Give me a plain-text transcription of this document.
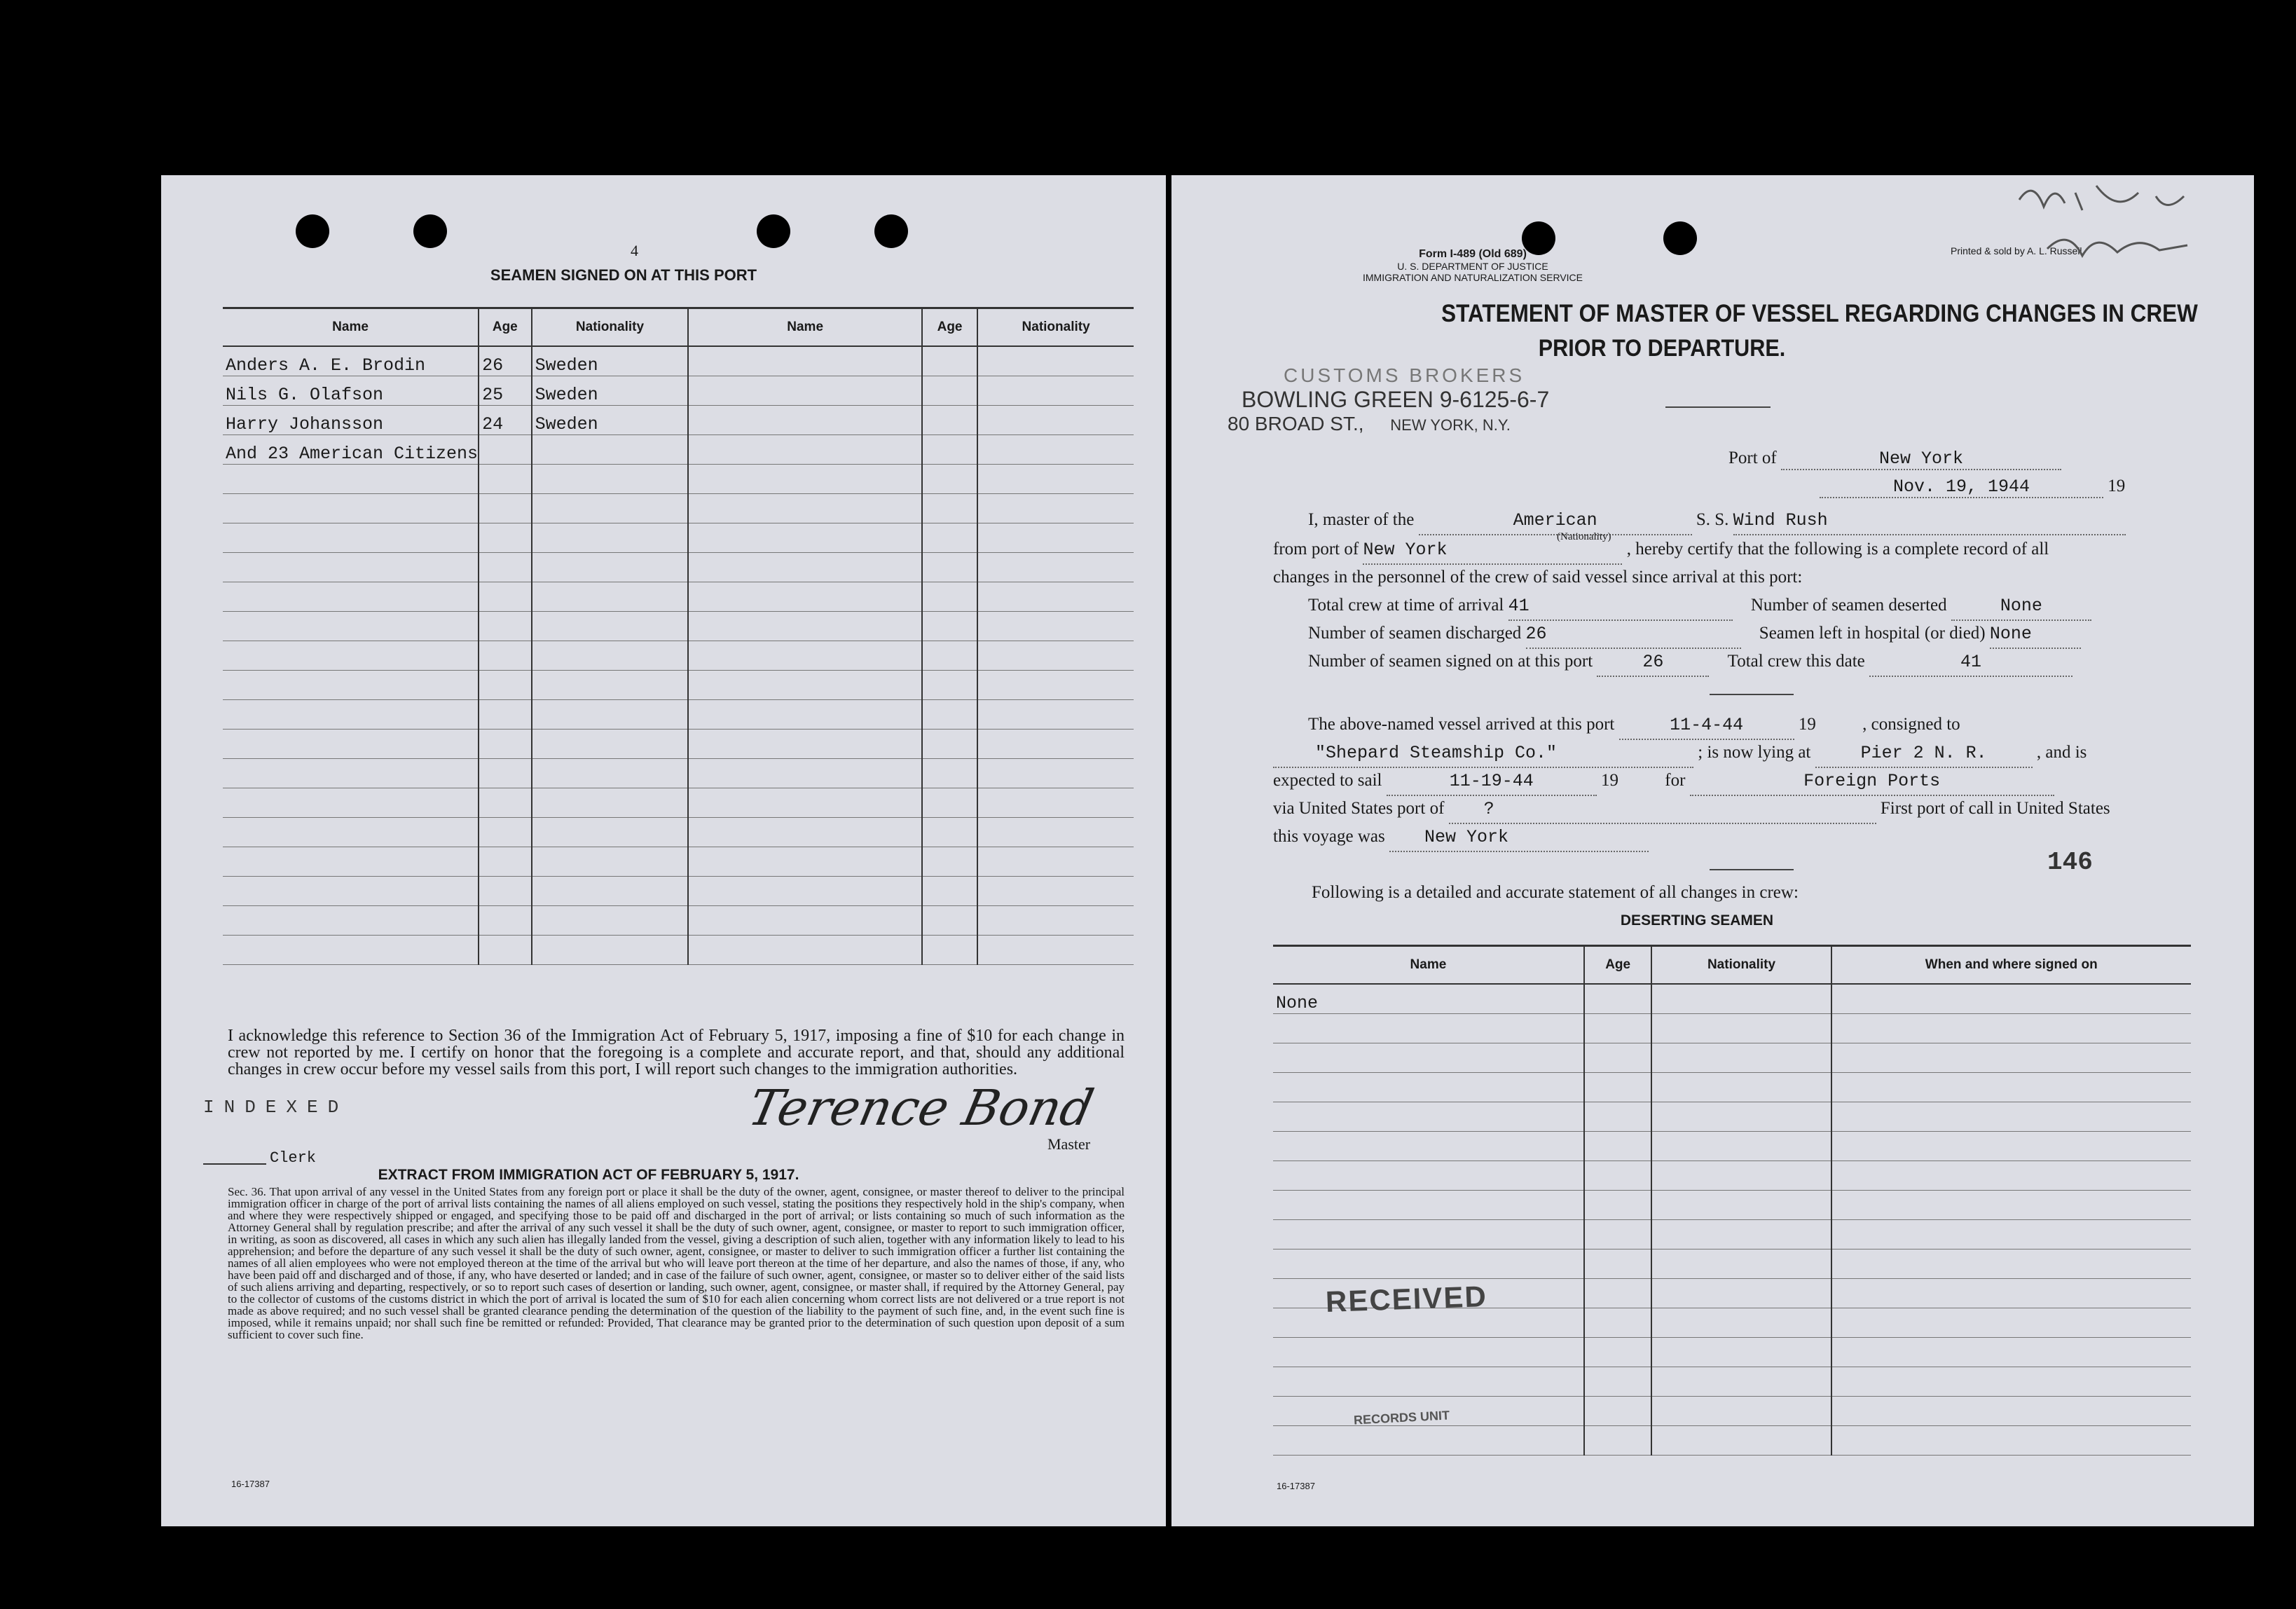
4
SEAMEN SIGNED ON AT THIS PORT
Name	Age	Nationality	Name	Age	Nationality
Anders A. E. Brodin	26	Sweden			
Nils G. Olafson	25	Sweden			
Harry Johansson	24	Sweden			
And 23 American Citizens					

I acknowledge this reference to Section 36 of the Immigration Act of February 5, 1917, imposing a fine of $10 for each change in crew not reported by me. I certify on honor that the foregoing is a complete and accurate report, and that, should any additional changes in crew occur before my vessel sails from this port, I will report such changes to the immigration authorities.
INDEXED	Terence Bond
Master
Clerk
EXTRACT FROM IMMIGRATION ACT OF FEBRUARY 5, 1917.
Sec. 36. That upon arrival of any vessel in the United States from any foreign port or place it shall be the duty of the owner, agent, consignee, or master thereof to deliver to the principal immigration officer in charge of the port of arrival lists containing the names of all aliens employed on such vessel, stating the positions they respectively hold in the ship's company, when and where they were respectively shipped or engaged, and specifying those to be paid off and discharged in the port of arrival; or lists containing so much of such information as the Attorney General shall by regulation prescribe; and after the arrival of any such vessel it shall be the duty of such owner, agent, consignee, or master to report to such immigration officer, in writing, as soon as discovered, all cases in which any such alien has illegally landed from the vessel, giving a description of such alien, together with any information likely to lead to his apprehension; and before the departure of any such vessel it shall be the duty of such owner, agent, consignee, or master to deliver to such immigration officer a further list containing the names of all alien employees who were not employed thereon at the time of the arrival but who will leave port thereon at the time of her departure, and also the names of those, if any, who have been paid off and discharged and of those, if any, who have deserted or landed; and in case of the failure of such owner, agent, consignee, or master so to deliver either of the said lists of such aliens arriving and departing, respectively, or so to report such cases of desertion or landing, such owner, agent, consignee, or master shall, if required by the Attorney General, pay to the collector of customs of the customs district in which the port of arrival is located the sum of $10 for each alien concerning whom correct lists are not delivered or a true report is not made as above required; and no such vessel shall be granted clearance pending the determination of the question of the liability to the payment of such fine, and, in the event such fine is imposed, while it remains unpaid; nor shall such fine be remitted or refunded: Provided, That clearance may be granted prior to the determination of such question upon deposit of a sum sufficient to cover such fine.
16-17387
Form I-489 (Old 689)
U. S. DEPARTMENT OF JUSTICE
IMMIGRATION AND NATURALIZATION SERVICE
Printed & sold by A. L. Russell
STATEMENT OF MASTER OF VESSEL REGARDING CHANGES IN CREW
PRIOR TO DEPARTURE.
CUSTOMS BROKERS
BOWLING GREEN 9-6125-6-7
80 BROAD ST., NEW YORK, N.Y.
Port of	New York
Nov. 19, 1944	19
I, master of the	American	S. S. Wind Rush
(Nationality)
from port of New York	, hereby certify that the following is a complete record of all
changes in the personnel of the crew of said vessel since arrival at this port:
Total crew at time of arrival 41	Number of seamen deserted	None
Number of seamen discharged 26	Seamen left in hospital (or died) None
Number of seamen signed on at this port	26	Total crew this date	41
The above-named vessel arrived at this port	11-4-44	19	, consigned to
"Shepard Steamship Co."	; is now lying at	Pier 2 N. R.	, and is
expected to sail	11-19-44	19	for	Foreign Ports
via United States port of ?	First port of call in United States
this voyage was New York
146
Following is a detailed and accurate statement of all changes in crew:
DESERTING SEAMEN
Name	Age	Nationality	When and where signed on
None			

RECEIVED
RECORDS UNIT
16-17387
